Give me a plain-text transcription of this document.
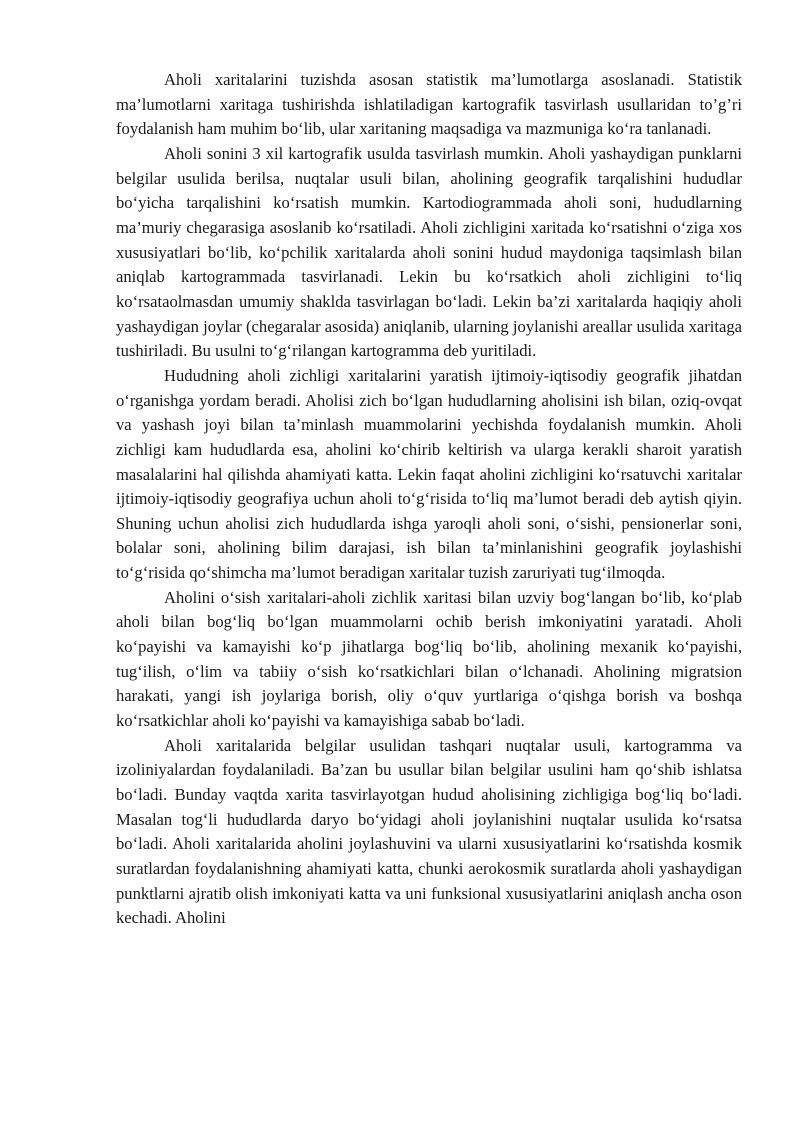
Aholi xaritalarini tuzishda asosan statistik ma’lumotlarga asoslanadi. Statistik ma’lumotlarni xaritaga tushirishda ishlatiladigan kartografik tasvirlash usullaridan to’g’ri foydalanish ham muhim bo‘lib, ular xaritaning maqsadiga va mazmuniga ko‘ra tanlanadi.

Aholi sonini 3 xil kartografik usulda tasvirlash mumkin. Aholi yashaydigan punklarni belgilar usulida berilsa, nuqtalar usuli bilan, aholining geografik tarqalishini hududlar bo‘yicha tarqalishini ko‘rsatish mumkin. Kartodiogrammada aholi soni, hududlarning ma’muriy chegarasiga asoslanib ko‘rsatiladi. Aholi zichligini xaritada ko‘rsatishni o‘ziga xos xususiyatlari bo‘lib, ko‘pchilik xaritalarda aholi sonini hudud maydoniga taqsimlash bilan aniqlab kartogrammada tasvirlanadi. Lekin bu ko‘rsatkich aholi zichligini to‘liq ko‘rsataolmasdan umumiy shaklda tasvirlagan bo‘ladi. Lekin ba’zi xaritalarda haqiqiy aholi yashaydigan joylar (chegaralar asosida) aniqlanib, ularning joylanishi areallar usulida xaritaga tushiriladi. Bu usulni to‘g‘rilangan kartogramma deb yuritiladi.

Hududning aholi zichligi xaritalarini yaratish ijtimoiy-iqtisodiy geografik jihatdan o‘rganishga yordam beradi. Aholisi zich bo‘lgan hududlarning aholisini ish bilan, oziq-ovqat va yashash joyi bilan ta’minlash muammolarini yechishda foydalanish mumkin. Aholi zichligi kam hududlarda esa, aholini ko‘chirib keltirish va ularga kerakli sharoit yaratish masalalarini hal qilishda ahamiyati katta. Lekin faqat aholini zichligini ko‘rsatuvchi xaritalar ijtimoiy-iqtisodiy geografiya uchun aholi to‘g‘risida to‘liq ma’lumot beradi deb aytish qiyin. Shuning uchun aholisi zich hududlarda ishga yaroqli aholi soni, o‘sishi, pensionerlar soni, bolalar soni, aholining bilim darajasi, ish bilan ta’minlanishini geografik joylashishi to‘g‘risida qo‘shimcha ma’lumot beradigan xaritalar tuzish zaruriyati tug‘ilmoqda.

Aholini o‘sish xaritalari-aholi zichlik xaritasi bilan uzviy bog‘langan bo‘lib, ko‘plab aholi bilan bog‘liq bo‘lgan muammolarni ochib berish imkoniyatini yaratadi. Aholi ko‘payishi va kamayishi ko‘p jihatlarga bog‘liq bo‘lib, aholining mexanik ko‘payishi, tug‘ilish, o‘lim va tabiiy o‘sish ko‘rsatkichlari bilan o‘lchanadi. Aholining migratsion harakati, yangi ish joylariga borish, oliy o‘quv yurtlariga o‘qishga borish va boshqa ko‘rsatkichlar aholi ko‘payishi va kamayishiga sabab bo‘ladi.

Aholi xaritalarida belgilar usulidan tashqari nuqtalar usuli, kartogramma va izoliniyalardan foydalaniladi. Ba’zan bu usullar bilan belgilar usulini ham qo‘shib ishlatsa bo‘ladi. Bunday vaqtda xarita tasvirlayotgan hudud aholisining zichligiga bog‘liq bo‘ladi. Masalan tog‘li hududlarda daryo bo‘yidagi aholi joylanishini nuqtalar usulida ko‘rsatsa bo‘ladi. Aholi xaritalarida aholini joylashuvini va ularni xususiyatlarini ko‘rsatishda kosmik suratlardan foydalanishning ahamiyati katta, chunki aerokosmik suratlarda aholi yashaydigan punktlarni ajratib olish imkoniyati katta va uni funksional xususiyatlarini aniqlash ancha oson kechadi. Aholini
